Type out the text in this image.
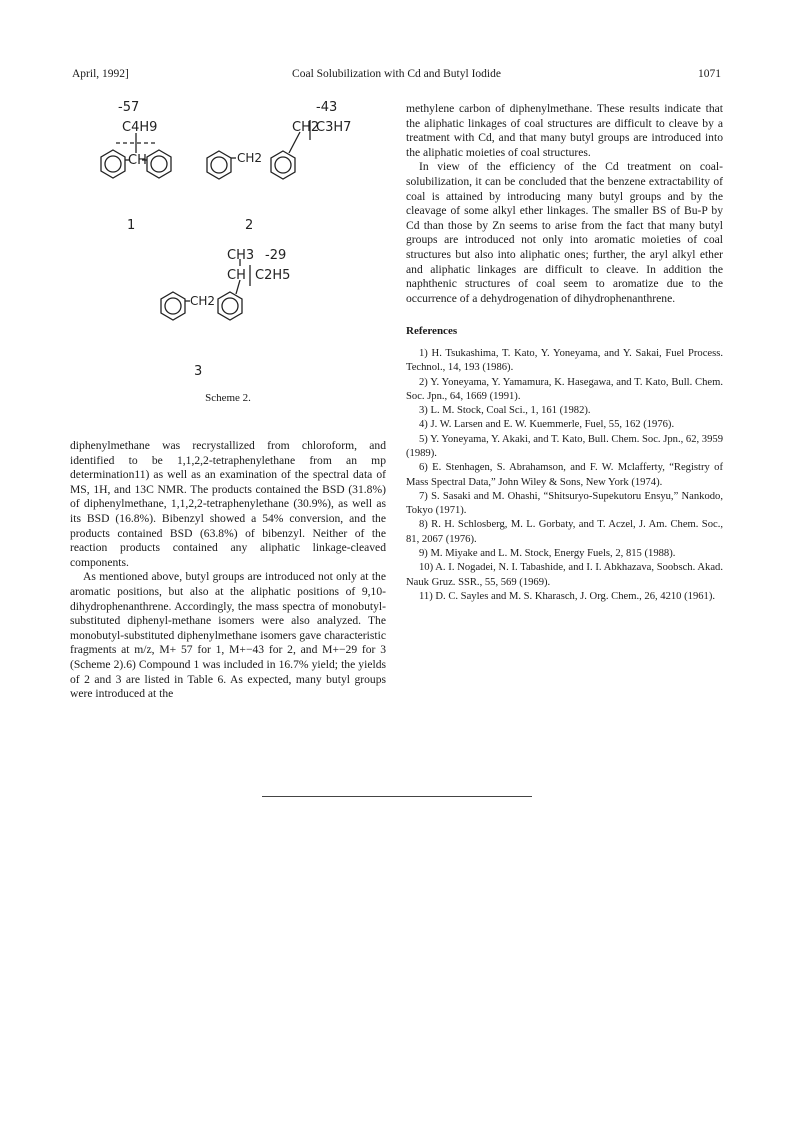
April, 1992]	Coal Solubilization with Cd and Butyl Iodide	1071
-57
C4H9
CH
1
-43
CH2
C3H7
CH2
2
CH3 -29
CH C2H5
CH2
3
Scheme 2.

diphenylmethane was recrystallized from chloroform, and identified to be 1,1,2,2-tetraphenylethane from an mp determination11) as well as an examination of the spectral data of MS, 1H, and 13C NMR. The products contained the BSD (31.8%) of diphenylmethane, 1,1,2,2-tetraphenylethane (30.9%), as well as its BSD (16.8%). Bibenzyl showed a 54% conversion, and the products contained BSD (63.8%) of bibenzyl. Neither of the reaction products contained any aliphatic linkage-cleaved components.

As mentioned above, butyl groups are introduced not only at the aromatic positions, but also at the aliphatic positions of 9,10-dihydrophenanthrene. Accordingly, the mass spectra of monobutyl-substituted diphenyl-methane isomers were also analyzed. The monobutyl-substituted diphenylmethane isomers gave characteristic fragments at m/z, M+ 57 for 1, M+−43 for 2, and M+−29 for 3 (Scheme 2).6) Compound 1 was included in 16.7% yield; the yields of 2 and 3 are listed in Table 6. As expected, many butyl groups were introduced at the

methylene carbon of diphenylmethane. These results indicate that the aliphatic linkages of coal structures are difficult to cleave by a treatment with Cd, and that many butyl groups are introduced into the aliphatic moieties of coal structures.

In view of the efficiency of the Cd treatment on coal-solubilization, it can be concluded that the benzene extractability of coal is attained by introducing many butyl groups and by the cleavage of some alkyl ether linkages. The smaller BS of Bu-P by Cd than those by Zn seems to arise from the fact that many butyl groups are introduced not only into aromatic moieties of coal structures but also into aliphatic ones; further, the aryl alkyl ether and aliphatic linkages are difficult to cleave. In addition the naphthenic structures of coal seem to aromatize due to the occurrence of a dehydrogenation of dihydrophenanthrene.

References
1) H. Tsukashima, T. Kato, Y. Yoneyama, and Y. Sakai, Fuel Process. Technol., 14, 193 (1986).
2) Y. Yoneyama, Y. Yamamura, K. Hasegawa, and T. Kato, Bull. Chem. Soc. Jpn., 64, 1669 (1991).
3) L. M. Stock, Coal Sci., 1, 161 (1982).
4) J. W. Larsen and E. W. Kuemmerle, Fuel, 55, 162 (1976).
5) Y. Yoneyama, Y. Akaki, and T. Kato, Bull. Chem. Soc. Jpn., 62, 3959 (1989).
6) E. Stenhagen, S. Abrahamson, and F. W. Mclafferty, “Registry of Mass Spectral Data,” John Wiley & Sons, New York (1974).
7) S. Sasaki and M. Ohashi, “Shitsuryo-Supekutoru Ensyu,” Nankodo, Tokyo (1971).
8) R. H. Schlosberg, M. L. Gorbaty, and T. Aczel, J. Am. Chem. Soc., 81, 2067 (1976).
9) M. Miyake and L. M. Stock, Energy Fuels, 2, 815 (1988).
10) A. I. Nogadei, N. I. Tabashide, and I. I. Abkhazava, Soobsch. Akad. Nauk Gruz. SSR., 55, 569 (1969).
11) D. C. Sayles and M. S. Kharasch, J. Org. Chem., 26, 4210 (1961).
